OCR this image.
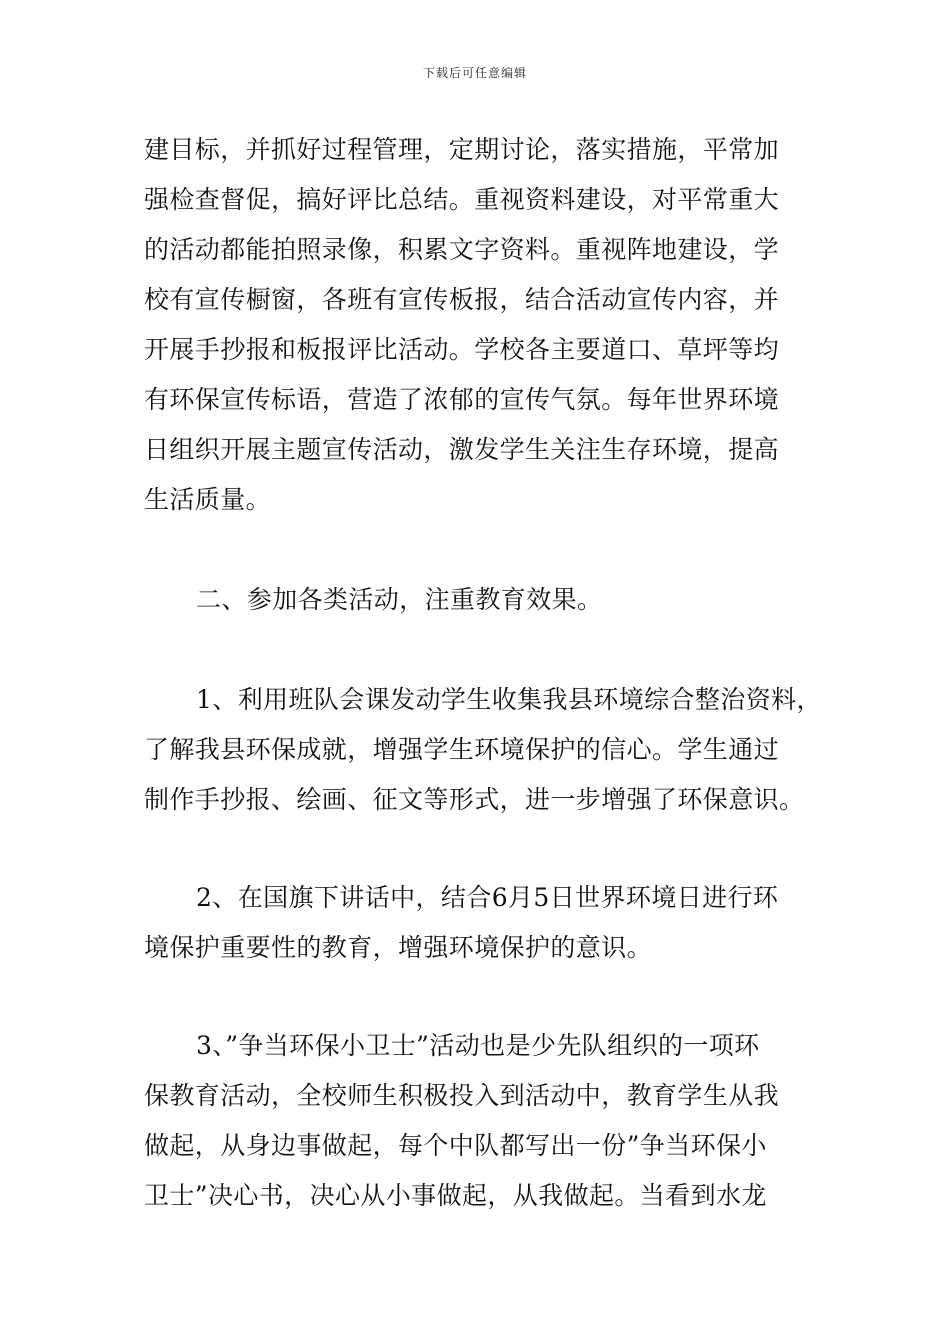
下载后可任意编辑
建目标，并抓好过程管理，定期讨论，落实措施，平常加
强检查督促，搞好评比总结。重视资料建设，对平常重大
的活动都能拍照录像，积累文字资料。重视阵地建设，学
校有宣传橱窗，各班有宣传板报，结合活动宣传内容，并
开展手抄报和板报评比活动。学校各主要道口、草坪等均
有环保宣传标语，营造了浓郁的宣传气氛。每年世界环境
日组织开展主题宣传活动，激发学生关注生存环境，提高
生活质量。
二、参加各类活动，注重教育效果。
1、利用班队会课发动学生收集我县环境综合整治资料，
了解我县环保成就，增强学生环境保护的信心。学生通过
制作手抄报、绘画、征文等形式，进一步增强了环保意识。
2、在国旗下讲话中，结合6月5日世界环境日进行环
境保护重要性的教育，增强环境保护的意识。
3、”争当环保小卫士”活动也是少先队组织的一项环
保教育活动，全校师生积极投入到活动中，教育学生从我
做起，从身边事做起，每个中队都写出一份”争当环保小
卫士”决心书，决心从小事做起，从我做起。当看到水龙
